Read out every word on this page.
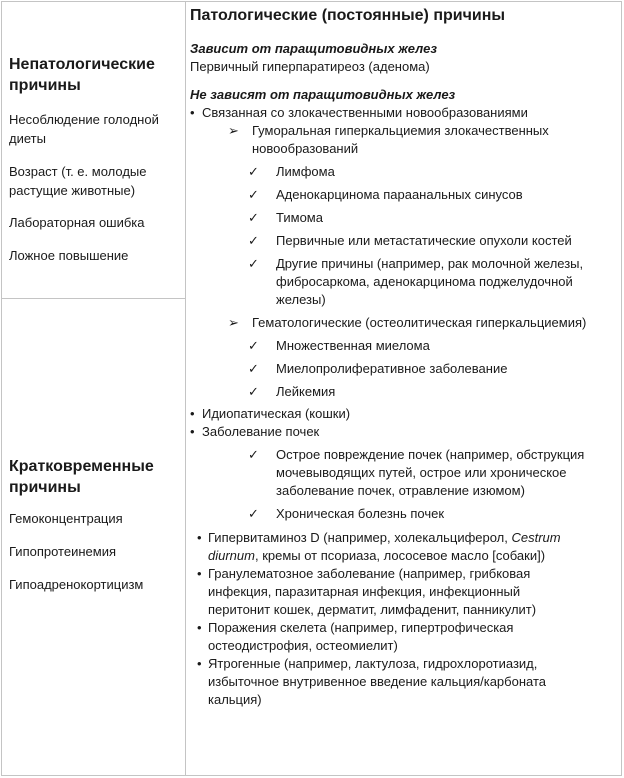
Непатологические причины

Несоблюдение голодной диеты

Возраст (т. е. молодые растущие животные)

Лабораторная ошибка

Ложное повышение

Кратковременные причины

Гемоконцентрация

Гипопротеинемия

Гипоадренокортицизм

Патологические (постоянные) причины
Зависит от паращитовидных желез
Первичный гиперпаратиреоз (аденома)
Не зависят от паращитовидных желез
• Связанная со злокачественными новообразованиями
➢ Гуморальная гиперкальциемия злокачественных новообразований
✓ Лимфома
✓ Аденокарцинома параанальных синусов
✓ Тимома
✓ Первичные или метастатические опухоли костей
✓ Другие причины (например, рак молочной железы, фибросаркома, аденокарцинома поджелудочной железы)
➢ Гематологические (остеолитическая гиперкальциемия)
✓ Множественная миелома
✓ Миелопролиферативное заболевание
✓ Лейкемия
• Идиопатическая (кошки)
• Заболевание почек
✓ Острое повреждение почек (например, обструкция мочевыводящих путей, острое или хроническое заболевание почек, отравление изюмом)
✓ Хроническая болезнь почек
• Гипервитаминоз D (например, холекальциферол, Cestrum diurnum, кремы от псориаза, лососевое масло [собаки])
• Гранулематозное заболевание (например, грибковая инфекция, паразитарная инфекция, инфекционный перитонит кошек, дерматит, лимфаденит, панникулит)
• Поражения скелета (например, гипертрофическая остеодистрофия, остеомиелит)
• Ятрогенные (например, лактулоза, гидрохлоротиазид, избыточное внутривенное введение кальция/карбоната кальция)
